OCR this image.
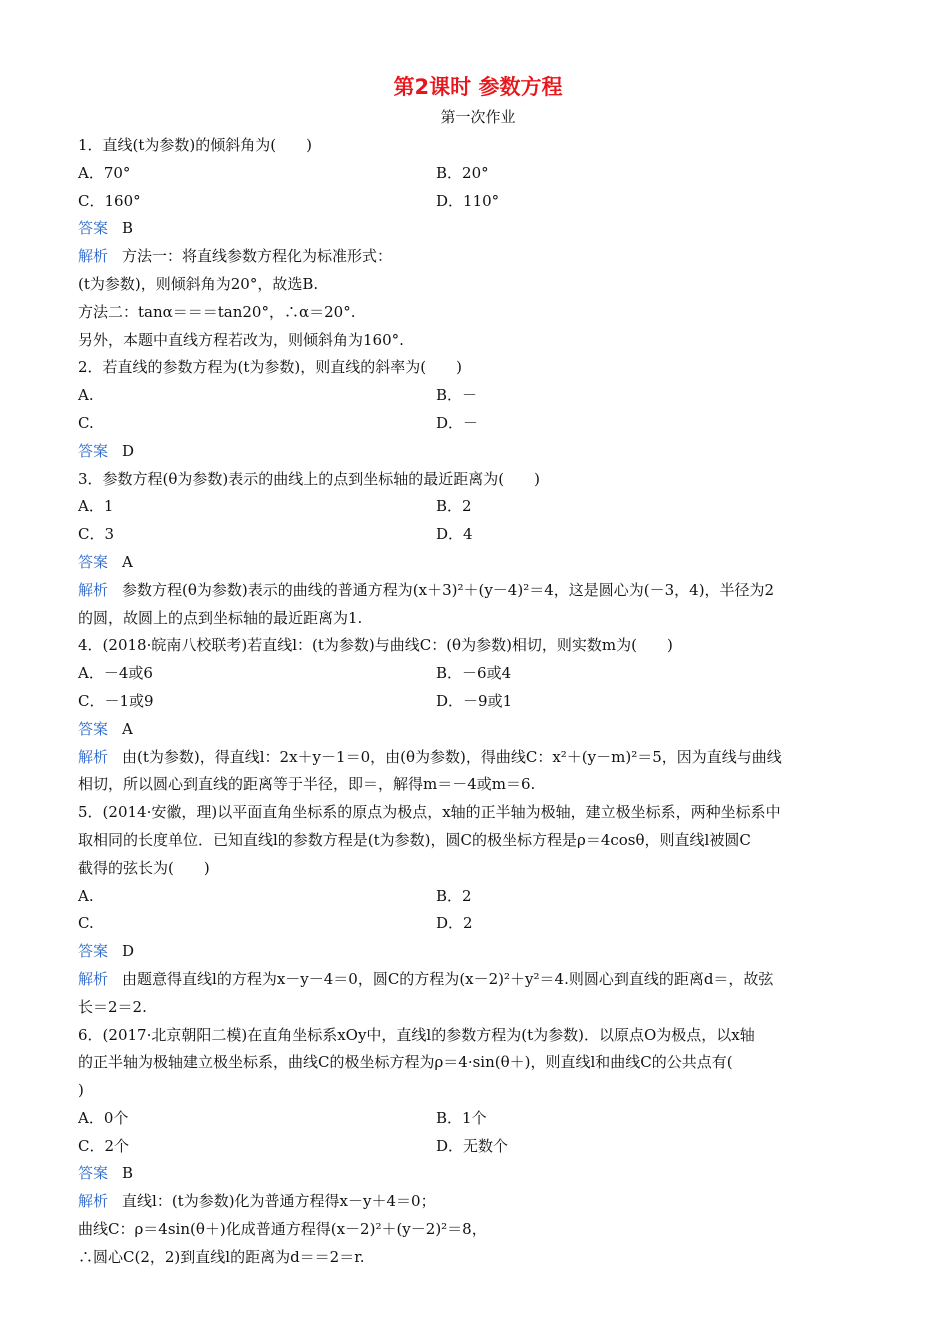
第2课时 参数方程
第一次作业
1．直线(t为参数)的倾斜角为(　　)
A．70°	B．20°
C．160°	D．110°
答案 B
解析 方法一：将直线参数方程化为标准形式：
(t为参数)，则倾斜角为20°，故选B.
方法二：tanα＝＝＝tan20°，∴α＝20°.
另外，本题中直线方程若改为，则倾斜角为160°.
2．若直线的参数方程为(t为参数)，则直线的斜率为(　　)
A.	B．－
C.	D．－
答案 D
3．参数方程(θ为参数)表示的曲线上的点到坐标轴的最近距离为(　　)
A．1	B．2
C．3	D．4
答案 A
解析 参数方程(θ为参数)表示的曲线的普通方程为(x＋3)²＋(y－4)²＝4，这是圆心为(－3，4)，半径为2
的圆，故圆上的点到坐标轴的最近距离为1.
4．(2018·皖南八校联考)若直线l：(t为参数)与曲线C：(θ为参数)相切，则实数m为(　　)
A．－4或6	B．－6或4
C．－1或9	D．－9或1
答案 A
解析 由(t为参数)，得直线l：2x＋y－1＝0，由(θ为参数)，得曲线C：x²＋(y－m)²＝5，因为直线与曲线
相切，所以圆心到直线的距离等于半径，即＝，解得m＝－4或m＝6.
5．(2014·安徽，理)以平面直角坐标系的原点为极点，x轴的正半轴为极轴，建立极坐标系，两种坐标系中
取相同的长度单位．已知直线l的参数方程是(t为参数)，圆C的极坐标方程是ρ＝4cosθ，则直线l被圆C
截得的弦长为(　　)
A.	B．2
C.	D．2
答案 D
解析 由题意得直线l的方程为x－y－4＝0，圆C的方程为(x－2)²＋y²＝4.则圆心到直线的距离d＝，故弦
长＝2＝2.
6．(2017·北京朝阳二模)在直角坐标系xOy中，直线l的参数方程为(t为参数)．以原点O为极点，以x轴
的正半轴为极轴建立极坐标系，曲线C的极坐标方程为ρ＝4·sin(θ＋)，则直线l和曲线C的公共点有(
)
A．0个	B．1个
C．2个	D．无数个
答案 B
解析 直线l：(t为参数)化为普通方程得x－y＋4＝0；
曲线C：ρ＝4sin(θ＋)化成普通方程得(x－2)²＋(y－2)²＝8，
∴圆心C(2，2)到直线l的距离为d＝＝2＝r.
